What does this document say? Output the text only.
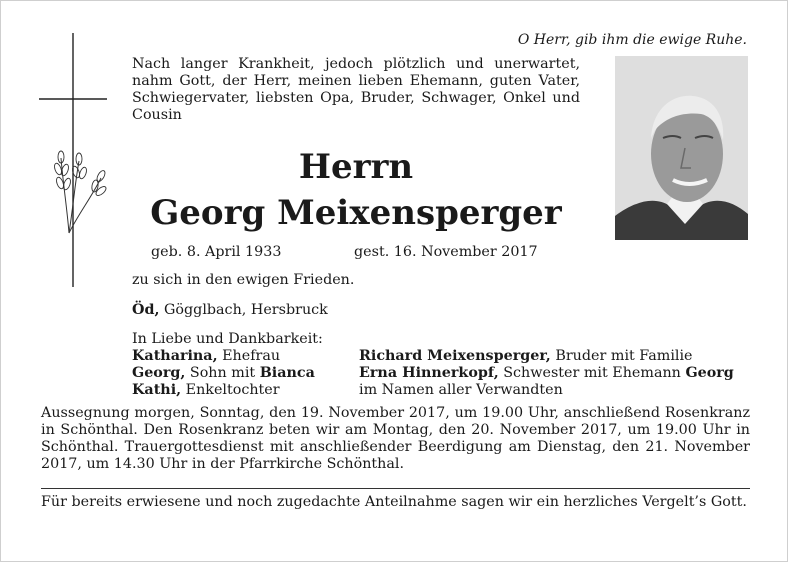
O Herr, gib ihm die ewige Ruhe.
Nach langer Krankheit, jedoch plötzlich und unerwartet, nahm Gott, der Herr, meinen lieben Ehemann, guten Vater, Schwiegervater, liebsten Opa, Bruder, Schwager, Onkel und Cousin
Herrn
Georg Meixensperger
geb. 8. April 1933	gest. 16. November 2017
zu sich in den ewigen Frieden.
Öd, Gögglbach, Hersbruck
In Liebe und Dankbarkeit:
Katharina, Ehefrau
Georg, Sohn mit Bianca
Kathi, Enkeltochter
Richard Meixensperger, Bruder mit Familie
Erna Hinnerkopf, Schwester mit Ehemann Georg
im Namen aller Verwandten
Aussegnung morgen, Sonntag, den 19. November 2017, um 19.00 Uhr, anschließend Rosenkranz in Schönthal. Den Rosenkranz beten wir am Montag, den 20. November 2017, um 19.00 Uhr in Schönthal. Trauergottesdienst mit anschließender Beerdigung am Dienstag, den 21. November 2017, um 14.30 Uhr in der Pfarrkirche Schönthal.
Für bereits erwiesene und noch zugedachte Anteilnahme sagen wir ein herzliches Vergelt’s Gott.
